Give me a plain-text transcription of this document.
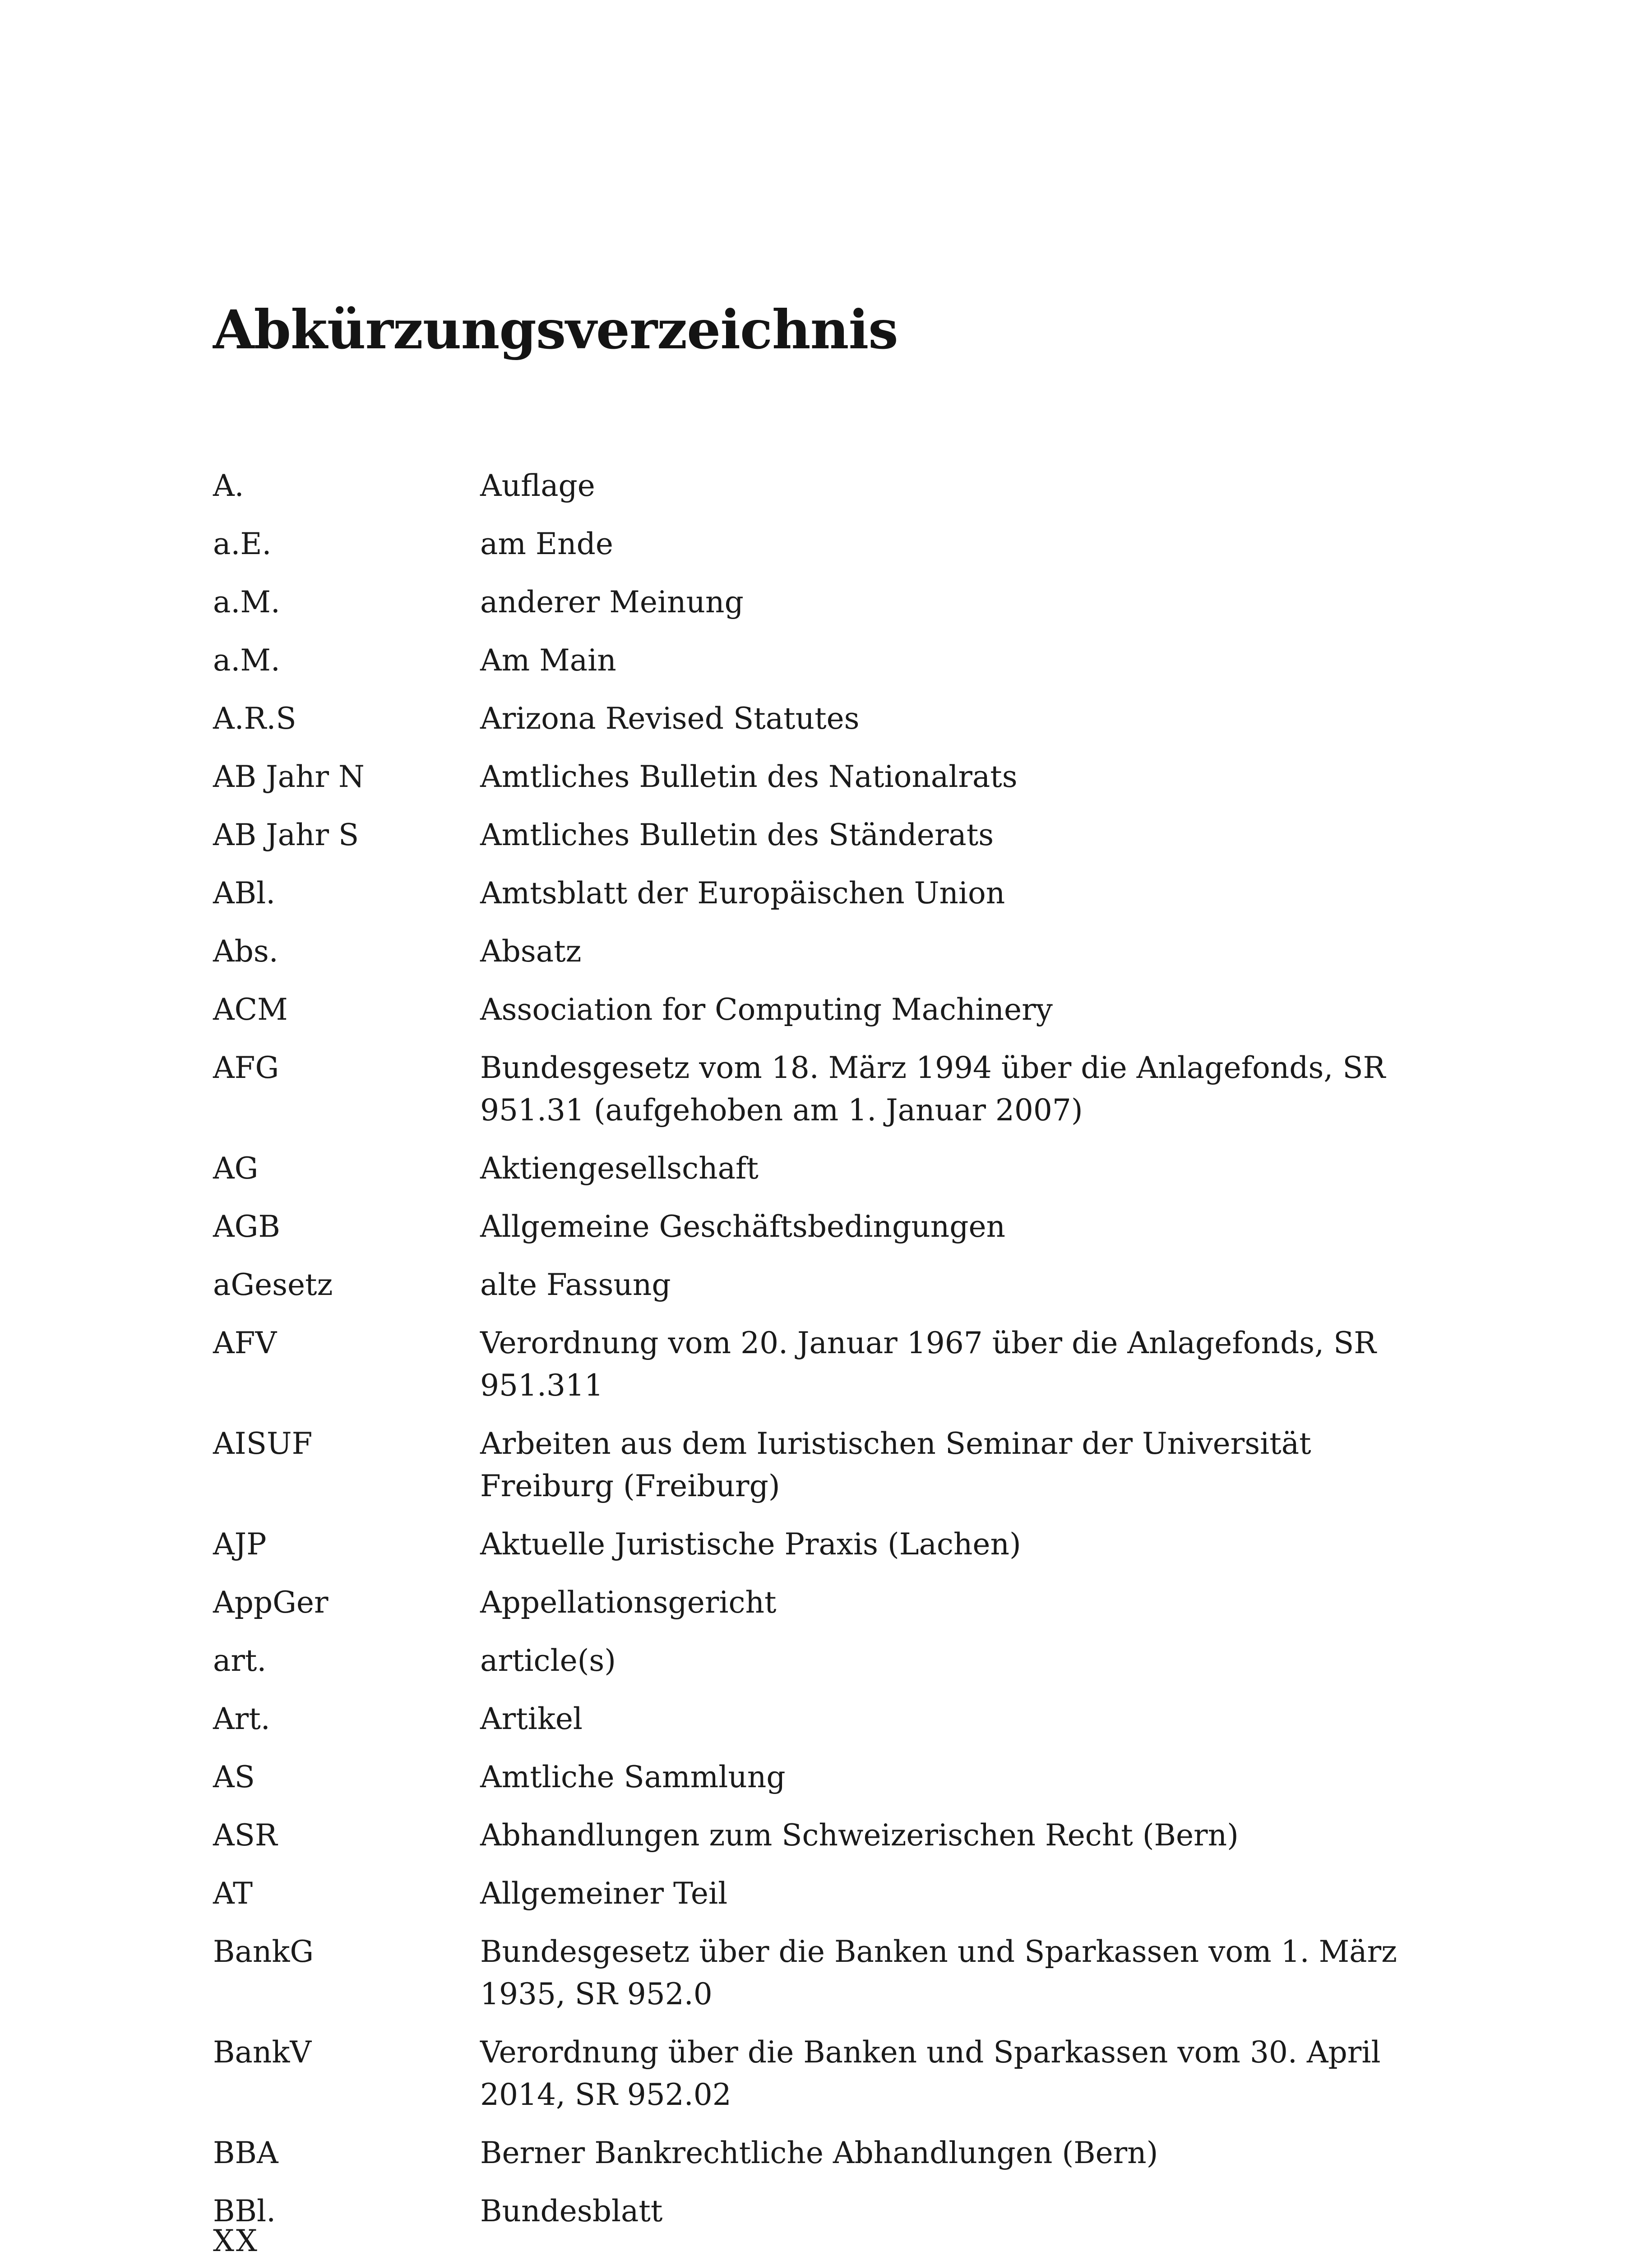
Abkürzungsverzeichnis
A.	Auflage
a.E.	am Ende
a.M.	anderer Meinung
a.M.	Am Main
A.R.S	Arizona Revised Statutes
AB Jahr N	Amtliches Bulletin des Nationalrats
AB Jahr S	Amtliches Bulletin des Ständerats
ABl.	Amtsblatt der Europäischen Union
Abs.	Absatz
ACM	Association for Computing Machinery
AFG	Bundesgesetz vom 18. März 1994 über die Anlagefonds, SR 951.31 (aufgehoben am 1. Januar 2007)
AG	Aktiengesellschaft
AGB	Allgemeine Geschäftsbedingungen
aGesetz	alte Fassung
AFV	Verordnung vom 20. Januar 1967 über die Anlagefonds, SR 951.311
AISUF	Arbeiten aus dem Iuristischen Seminar der Universität Freiburg (Freiburg)
AJP	Aktuelle Juristische Praxis (Lachen)
AppGer	Appellationsgericht
art.	article(s)
Art.	Artikel
AS	Amtliche Sammlung
ASR	Abhandlungen zum Schweizerischen Recht (Bern)
AT	Allgemeiner Teil
BankG	Bundesgesetz über die Banken und Sparkassen vom 1. März 1935, SR 952.0
BankV	Verordnung über die Banken und Sparkassen vom 30. April 2014, SR 952.02
BBA	Berner Bankrechtliche Abhandlungen (Bern)
BBl.	Bundesblatt
XX
